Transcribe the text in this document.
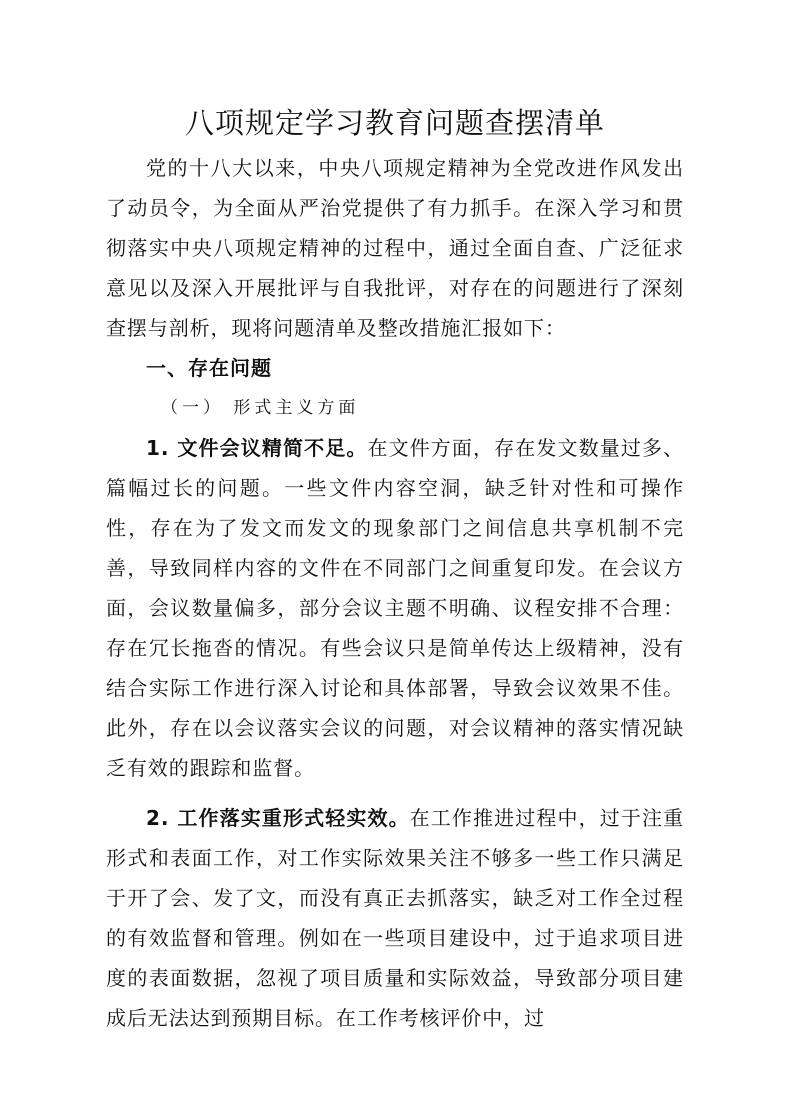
八项规定学习教育问题查摆清单

党的十八大以来，中央八项规定精神为全党改进作风发出了动员令，为全面从严治党提供了有力抓手。在深入学习和贯彻落实中央八项规定精神的过程中，通过全面自查、广泛征求意见以及深入开展批评与自我批评，对存在的问题进行了深刻查摆与剖析，现将问题清单及整改措施汇报如下：

一、存在问题
（一） 形式主义方面

1. 文件会议精简不足。在文件方面，存在发文数量过多、篇幅过长的问题。一些文件内容空洞，缺乏针对性和可操作性，存在为了发文而发文的现象部门之间信息共享机制不完善，导致同样内容的文件在不同部门之间重复印发。在会议方面，会议数量偏多，部分会议主题不明确、议程安排不合理：存在冗长拖沓的情况。有些会议只是简单传达上级精神，没有结合实际工作进行深入讨论和具体部署，导致会议效果不佳。此外，存在以会议落实会议的问题，对会议精神的落实情况缺乏有效的跟踪和监督。

2. 工作落实重形式轻实效。在工作推进过程中，过于注重形式和表面工作，对工作实际效果关注不够多一些工作只满足于开了会、发了文，而没有真正去抓落实，缺乏对工作全过程的有效监督和管理。例如在一些项目建设中，过于追求项目进度的表面数据，忽视了项目质量和实际效益，导致部分项目建成后无法达到预期目标。在工作考核评价中，过
